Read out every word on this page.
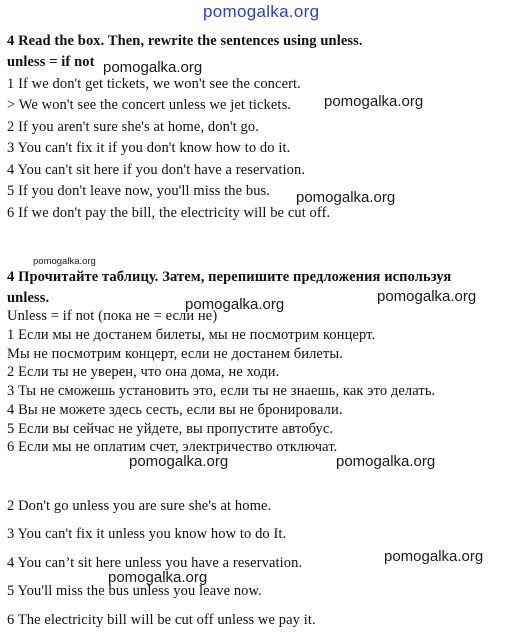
pomogalka.org
4 Read the box. Then, rewrite the sentences using unless.
unless = if not pomogalka.org
1 If we don't get tickets, we won't see the concert.
> We won't see the concert unless we jet tickets. pomogalka.org
2 If you aren't sure she's at home, don't go.
3 You can't fix it if you don't know how to do it.
4 You can't sit here if you don't have a reservation.
5 If you don't leave now, you'll miss the bus. pomogalka.org
6 If we don't pay the bill, the electricity will be cut off.
pomogalka.org
4 Прочитайте таблицу. Затем, перепишите предложения используя
unless.	pomogalka.org
pomogalka.org
Unless = if not (пока не = если не)
1 Если мы не достанем билеты, мы не посмотрим концерт.
Мы не посмотрим концерт, если не достанем билеты.
2 Если ты не уверен, что она дома, не ходи.
3 Ты не сможешь установить это, если ты не знаешь, как это делать.
4 Вы не можете здесь сесть, если вы не бронировали.
5 Если вы сейчас не уйдете, вы пропустите автобус.
6 Если мы не оплатим счет, электричество отключат.
pomogalka.org	pomogalka.org
2 Don't go unless you are sure she's at home.
3 You can't fix it unless you know how to do It.
pomogalka.org
4 You can’t sit here unless you have a reservation.
pomogalka.org
5 You'll miss the bus unless you leave now.
6 The electricity bill will be cut off unless we pay it.
